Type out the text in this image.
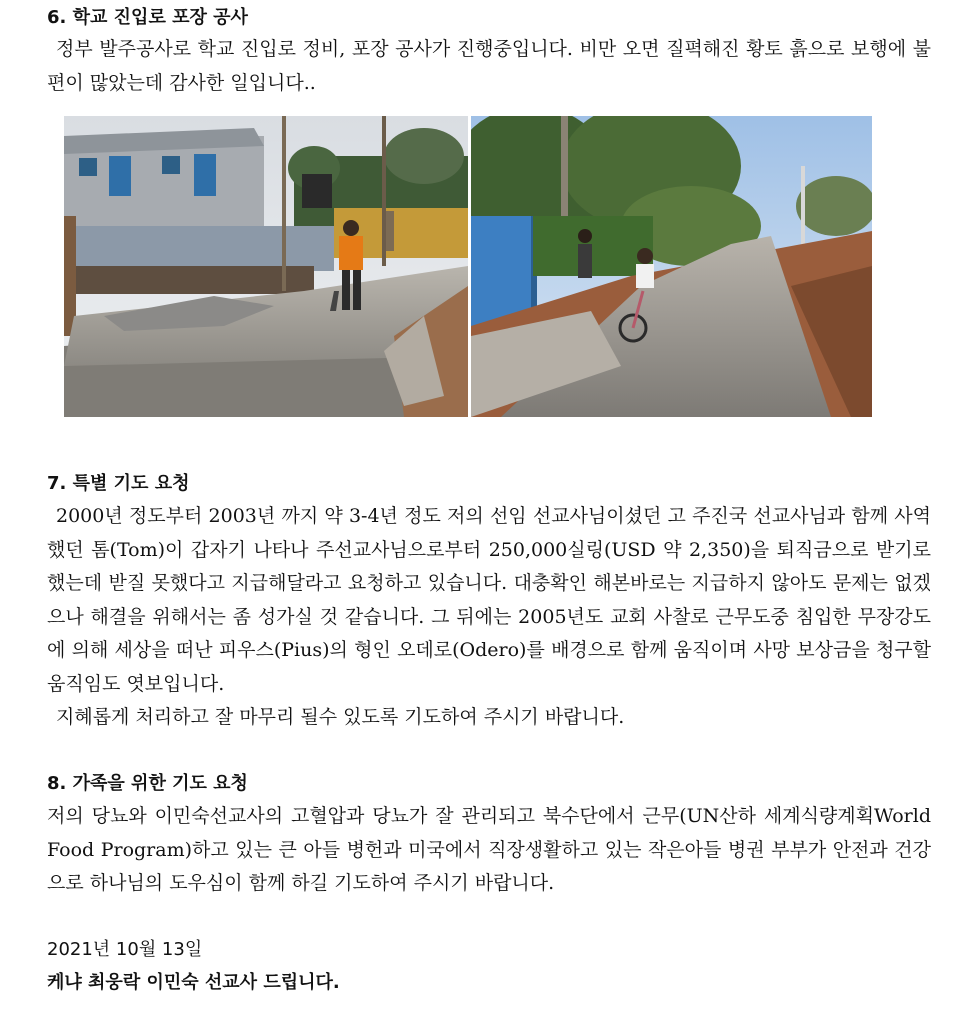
6. 학교 진입로 포장 공사

정부 발주공사로 학교 진입로 정비, 포장 공사가 진행중입니다. 비만 오면 질펵해진 황토 흙으로 보행에 불편이 많았는데 감사한 일입니다..

7. 특별 기도 요청

2000년 정도부터 2003년 까지 약 3-4년 정도 저의 선임 선교사님이셨던 고 주진국 선교사님과 함께 사역했던 톰(Tom)이 갑자기 나타나 주선교사님으로부터 250,000실링(USD 약 2,350)을 퇴직금으로 받기로 했는데 받질 못했다고 지급해달라고 요청하고 있습니다. 대충확인 해본바로는 지급하지 않아도 문제는 없겠으나 해결을 위해서는 좀 성가실 것 같습니다. 그 뒤에는 2005년도 교회 사찰로 근무도중 침입한 무장강도에 의해 세상을 떠난 피우스(Pius)의 형인 오데로(Odero)를 배경으로 함께 움직이며 사망 보상금을 청구할 움직임도 엿보입니다.

지혜롭게 처리하고 잘 마무리 될수 있도록 기도하여 주시기 바랍니다.

8. 가족을 위한 기도 요청

저의 당뇨와 이민숙선교사의 고혈압과 당뇨가 잘 관리되고 북수단에서 근무(UN산하 세계식량계획World Food Program)하고 있는 큰 아들 병헌과 미국에서 직장생활하고 있는 작은아들 병권 부부가 안전과 건강으로 하나님의 도우심이 함께 하길 기도하여 주시기 바랍니다.

2021년 10월 13일

케냐 최웅락 이민숙 선교사 드립니다.
